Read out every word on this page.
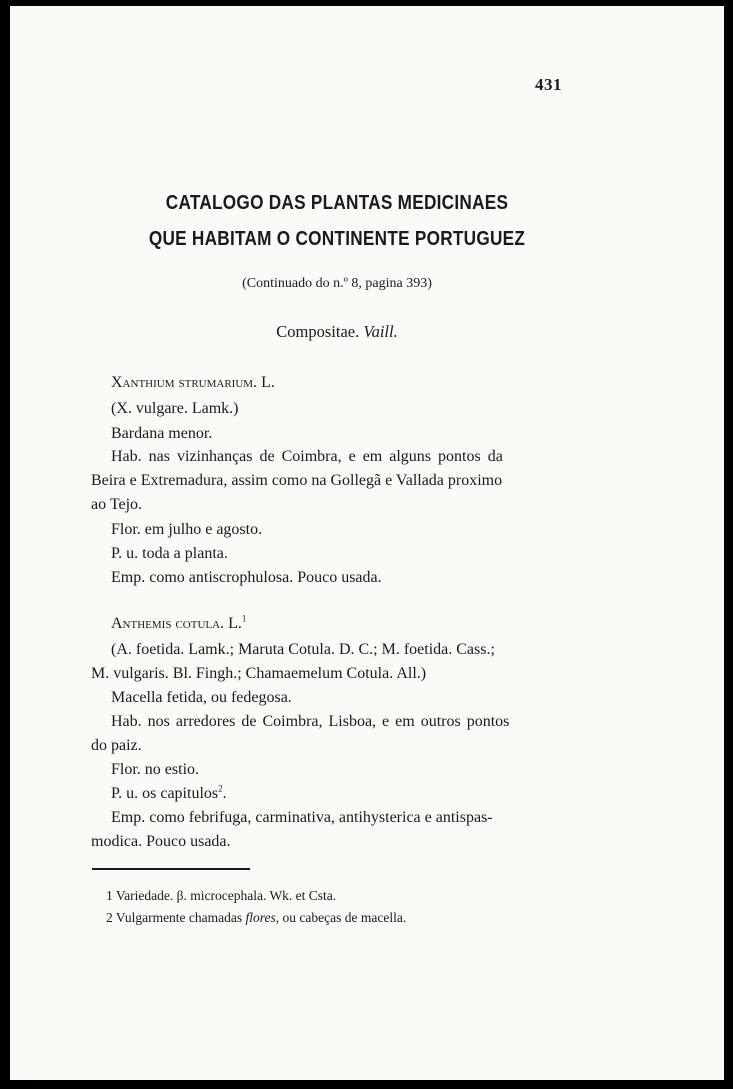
431
CATALOGO DAS PLANTAS MEDICINAES
QUE HABITAM O CONTINENTE PORTUGUEZ
(Continuado do n.º 8, pagina 393)
Compositae. Vaill.
Xanthium strumarium. L.
(X. vulgare. Lamk.)
Bardana menor.
Hab. nas vizinhanças de Coimbra, e em alguns pontos da
Beira e Extremadura, assim como na Gollegã e Vallada proximo
ao Tejo.
Flor. em julho e agosto.
P. u. toda a planta.
Emp. como antiscrophulosa. Pouco usada.
Anthemis cotula. L.$^1$
(A. foetida. Lamk.; Maruta Cotula. D. C.; M. foetida. Cass.;
M. vulgaris. Bl. Fingh.; Chamaemelum Cotula. All.)
Macella fetida, ou fedegosa.
Hab. nos arredores de Coimbra, Lisboa, e em outros pontos
do paiz.
Flor. no estio.
P. u. os capitulos$^2$.
Emp. como febrifuga, carminativa, antihysterica e antispas-
modica. Pouco usada.
1 Variedade. β. microcephala. Wk. et Csta.
2 Vulgarmente chamadas flores, ou cabeças de macella.
